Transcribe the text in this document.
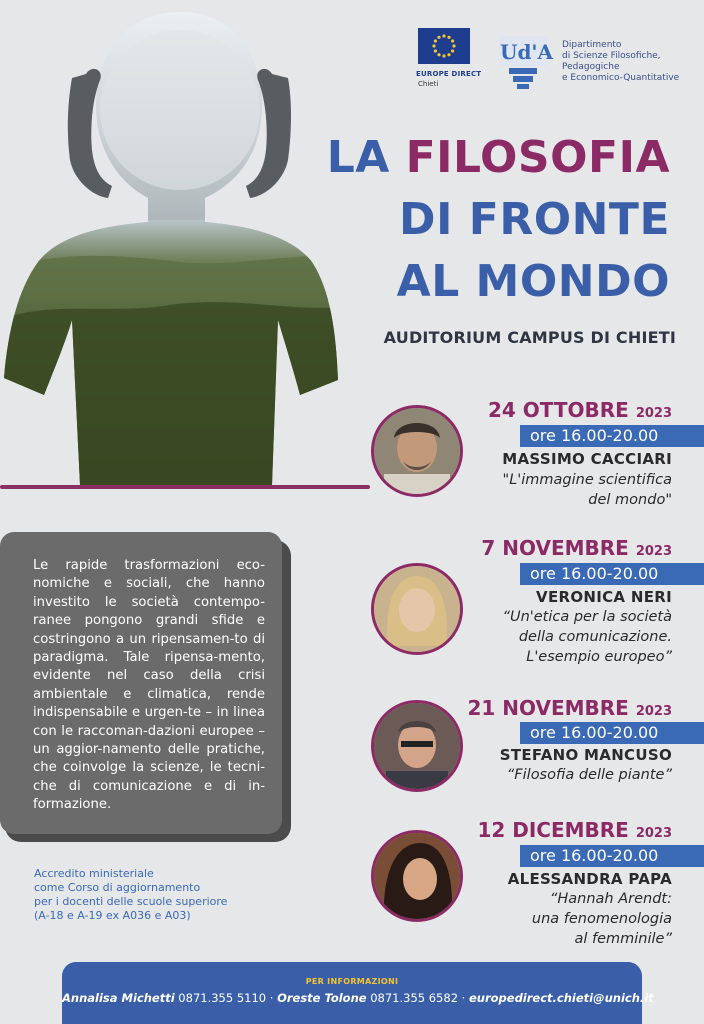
EUROPE DIRECT
Chieti
Ud'A Dipartimento
di Scienze Filosofiche,
Pedagogiche
e Economico-Quantitative
LA FILOSOFIA
DI FRONTE
AL MONDO
AUDITORIUM CAMPUS DI CHIETI
24 OTTOBRE 2023
ore 16.00-20.00
MASSIMO CACCIARI
"L'immagine scientifica
del mondo"
7 NOVEMBRE 2023
ore 16.00-20.00
VERONICA NERI
“Un'etica per la società
della comunicazione.
L'esempio europeo”
21 NOVEMBRE 2023
ore 16.00-20.00
STEFANO MANCUSO
“Filosofia delle piante”
12 DICEMBRE 2023
ore 16.00-20.00
ALESSANDRA PAPA
“Hannah Arendt:
una fenomenologia
al femminile”
Le rapide trasformazioni eco-nomiche e sociali, che hanno investito le società contempo-ranee pongono grandi sfide e costringono a un ripensamen-to di paradigma. Tale ripensa-mento, evidente nel caso della crisi ambientale e climatica, rende indispensabile e urgen-te – in linea con le raccoman-dazioni europee – un aggior-namento delle pratiche, che coinvolge la scienze, le tecni-che di comunicazione e di in-formazione.
Accredito ministeriale
come Corso di aggiornamento
per i docenti delle scuole superiore
(A-18 e A-19 ex A036 e A03)
PER INFORMAZIONI
Annalisa Michetti 0871.355 5110 · Oreste Tolone 0871.355 6582 · europedirect.chieti@unich.it
